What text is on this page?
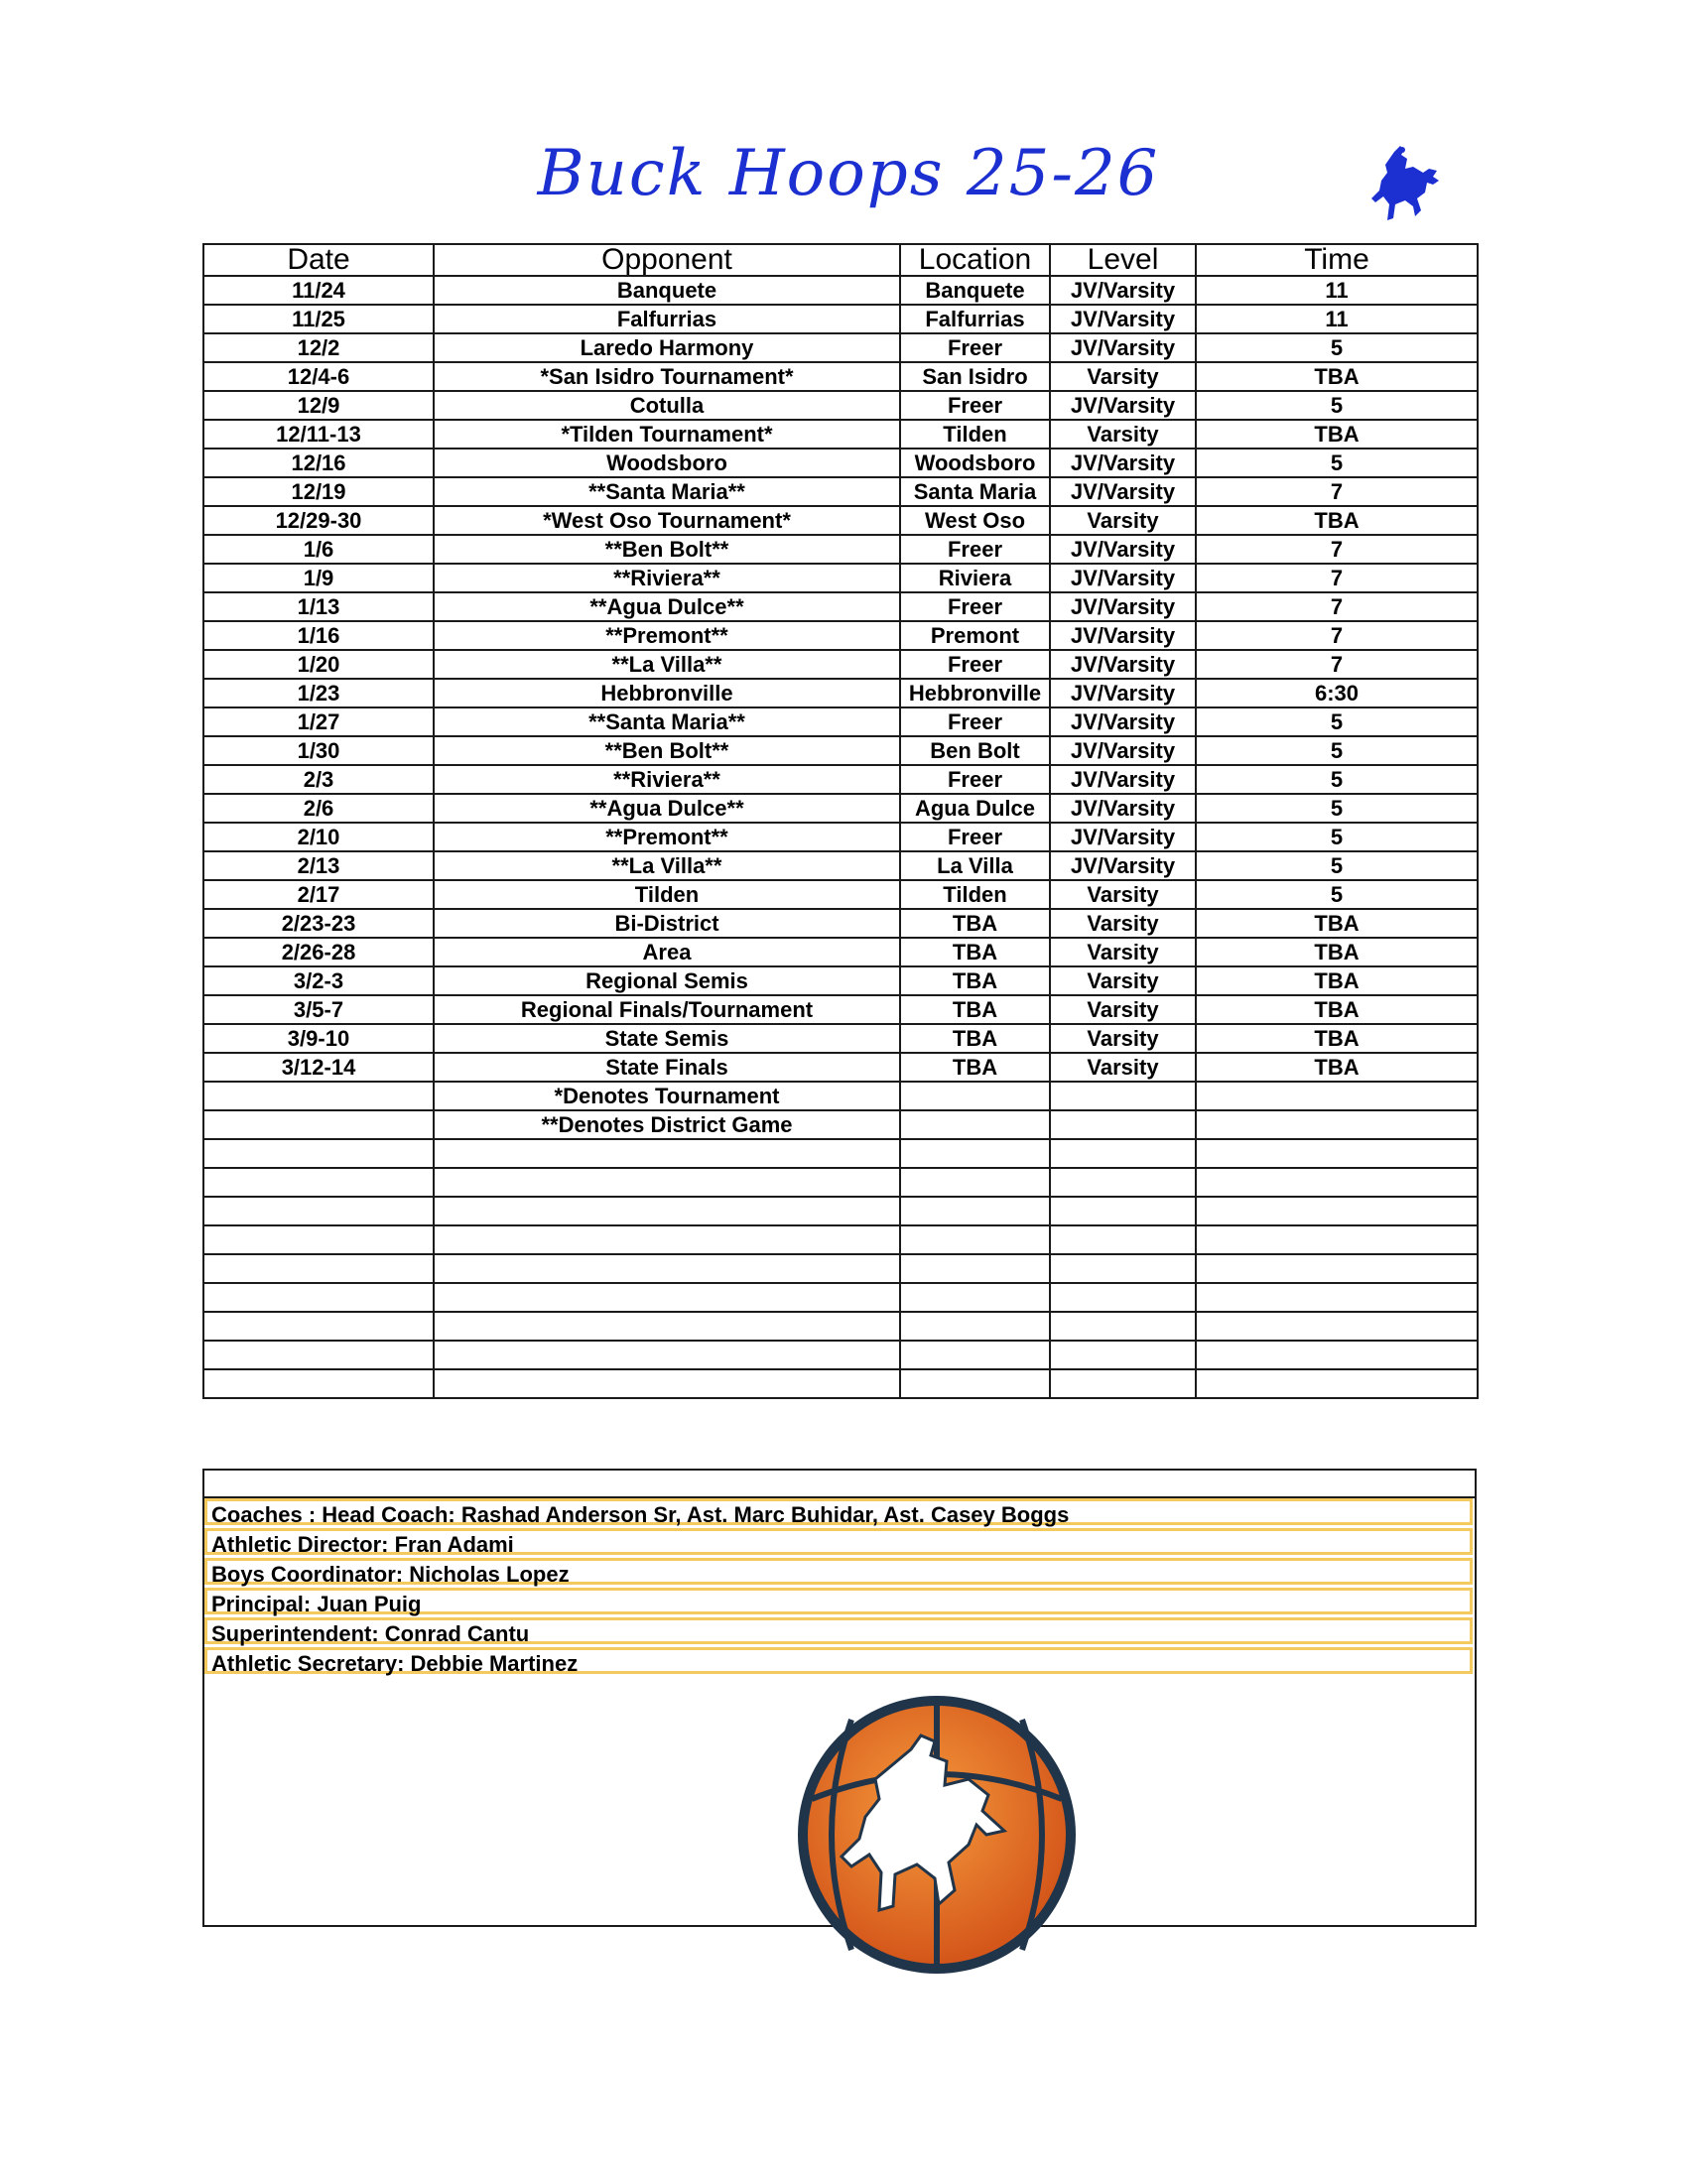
Buck Hoops 25-26
Date	Opponent	Location	Level	Time
11/24	Banquete	Banquete	JV/Varsity	11
11/25	Falfurrias	Falfurrias	JV/Varsity	11
12/2	Laredo Harmony	Freer	JV/Varsity	5
12/4-6	*San Isidro Tournament*	San Isidro	Varsity	TBA
12/9	Cotulla	Freer	JV/Varsity	5
12/11-13	*Tilden Tournament*	Tilden	Varsity	TBA
12/16	Woodsboro	Woodsboro	JV/Varsity	5
12/19	**Santa Maria**	Santa Maria	JV/Varsity	7
12/29-30	*West Oso Tournament*	West Oso	Varsity	TBA
1/6	**Ben Bolt**	Freer	JV/Varsity	7
1/9	**Riviera**	Riviera	JV/Varsity	7
1/13	**Agua Dulce**	Freer	JV/Varsity	7
1/16	**Premont**	Premont	JV/Varsity	7
1/20	**La Villa**	Freer	JV/Varsity	7
1/23	Hebbronville	Hebbronville	JV/Varsity	6:30
1/27	**Santa Maria**	Freer	JV/Varsity	5
1/30	**Ben Bolt**	Ben Bolt	JV/Varsity	5
2/3	**Riviera**	Freer	JV/Varsity	5
2/6	**Agua Dulce**	Agua Dulce	JV/Varsity	5
2/10	**Premont**	Freer	JV/Varsity	5
2/13	**La Villa**	La Villa	JV/Varsity	5
2/17	Tilden	Tilden	Varsity	5
2/23-23	Bi-District	TBA	Varsity	TBA
2/26-28	Area	TBA	Varsity	TBA
3/2-3	Regional Semis	TBA	Varsity	TBA
3/5-7	Regional Finals/Tournament	TBA	Varsity	TBA
3/9-10	State Semis	TBA	Varsity	TBA
3/12-14	State Finals	TBA	Varsity	TBA
	*Denotes Tournament			
	**Denotes District Game			

Coaches : Head Coach: Rashad Anderson Sr, Ast. Marc Buhidar, Ast. Casey Boggs
Athletic Director: Fran Adami
Boys Coordinator: Nicholas Lopez
Principal: Juan Puig
Superintendent: Conrad Cantu
Athletic Secretary: Debbie Martinez
